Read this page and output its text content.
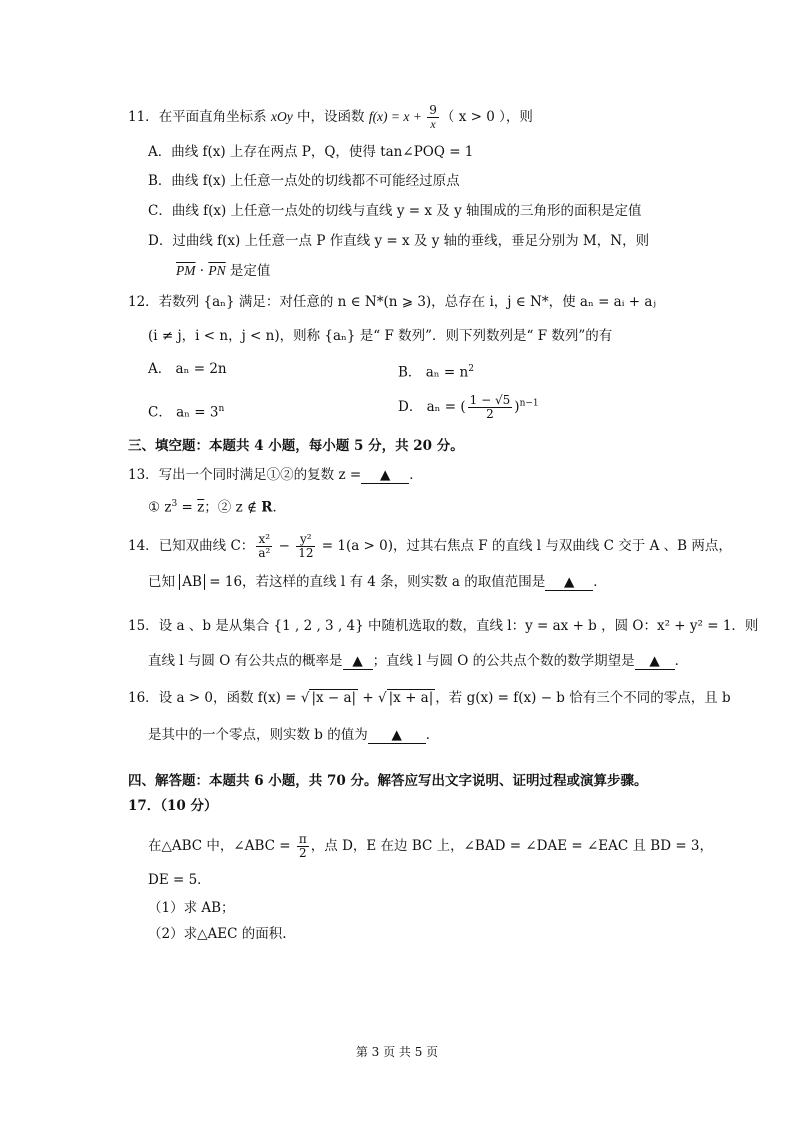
11．在平面直角坐标系 xOy 中，设函数 $f(x) = x + \frac{9}{x}$ （ x > 0 ），则
A．曲线 f(x) 上存在两点 P，Q，使得 tan∠POQ = 1
B．曲线 f(x) 上任意一点处的切线都不可能经过原点
C．曲线 f(x) 上任意一点处的切线与直线 y = x 及 y 轴围成的三角形的面积是定值
D．过曲线 f(x) 上任意一点 P 作直线 y = x 及 y 轴的垂线，垂足分别为 M，N，则
$\overline{PM} \cdot \overline{PN}$ 是定值
12．若数列 {aₙ} 满足：对任意的 n ∈ N*(n ⩾ 3)，总存在 i，j ∈ N*，使 aₙ = aᵢ + aⱼ
(i ≠ j，i < n，j < n)，则称 {aₙ} 是“ F 数列”．则下列数列是“ F 数列”的有
A． aₙ = 2n	B． $a_n = n^2$
C． $a_n = 3^n$	D． aₙ = ( $\frac{1 - √5}{2} )^{n-1}$
三、填空题：本题共 4 小题，每小题 5 分，共 20 分。
13．写出一个同时满足①②的复数 z = ▲ ．
① $z^3 = \overline{z}$；② z ∉ R．
14．已知双曲线 C： $\frac{\text{x²}}{\text{a²}} - \frac{\text{y²}}{12} = 1(a > 0)$，过其右焦点 F 的直线 l 与双曲线 C 交于 A 、B 两点，
已知 AB = 16，若这样的直线 l 有 4 条，则实数 a 的取值范围是 ▲ ．
15．设 a 、b 是从集合 {1 , 2 , 3 , 4} 中随机选取的数，直线 l：y = ax + b ，圆 O：x² + y² = 1．则
直线 l 与圆 O 有公共点的概率是 ▲ ；直线 l 与圆 O 的公共点个数的数学期望是 ▲ ．
16．设 a > 0，函数 f(x) = √ |x − a| + √ |x + a| ，若 g(x) = f(x) − b 恰有三个不同的零点，且 b
是其中的一个零点，则实数 b 的值为 ▲ ．
四、解答题：本题共 6 小题，共 70 分。解答应写出文字说明、证明过程或演算步骤。
17．（10 分）
在△ABC 中，∠ABC = $\frac{\pi}{2}$ ，点 D，E 在边 BC 上，∠BAD = ∠DAE = ∠EAC 且 BD = 3，
DE = 5．
（1）求 AB；
（2）求△AEC 的面积.
第 3 页 共 5 页
